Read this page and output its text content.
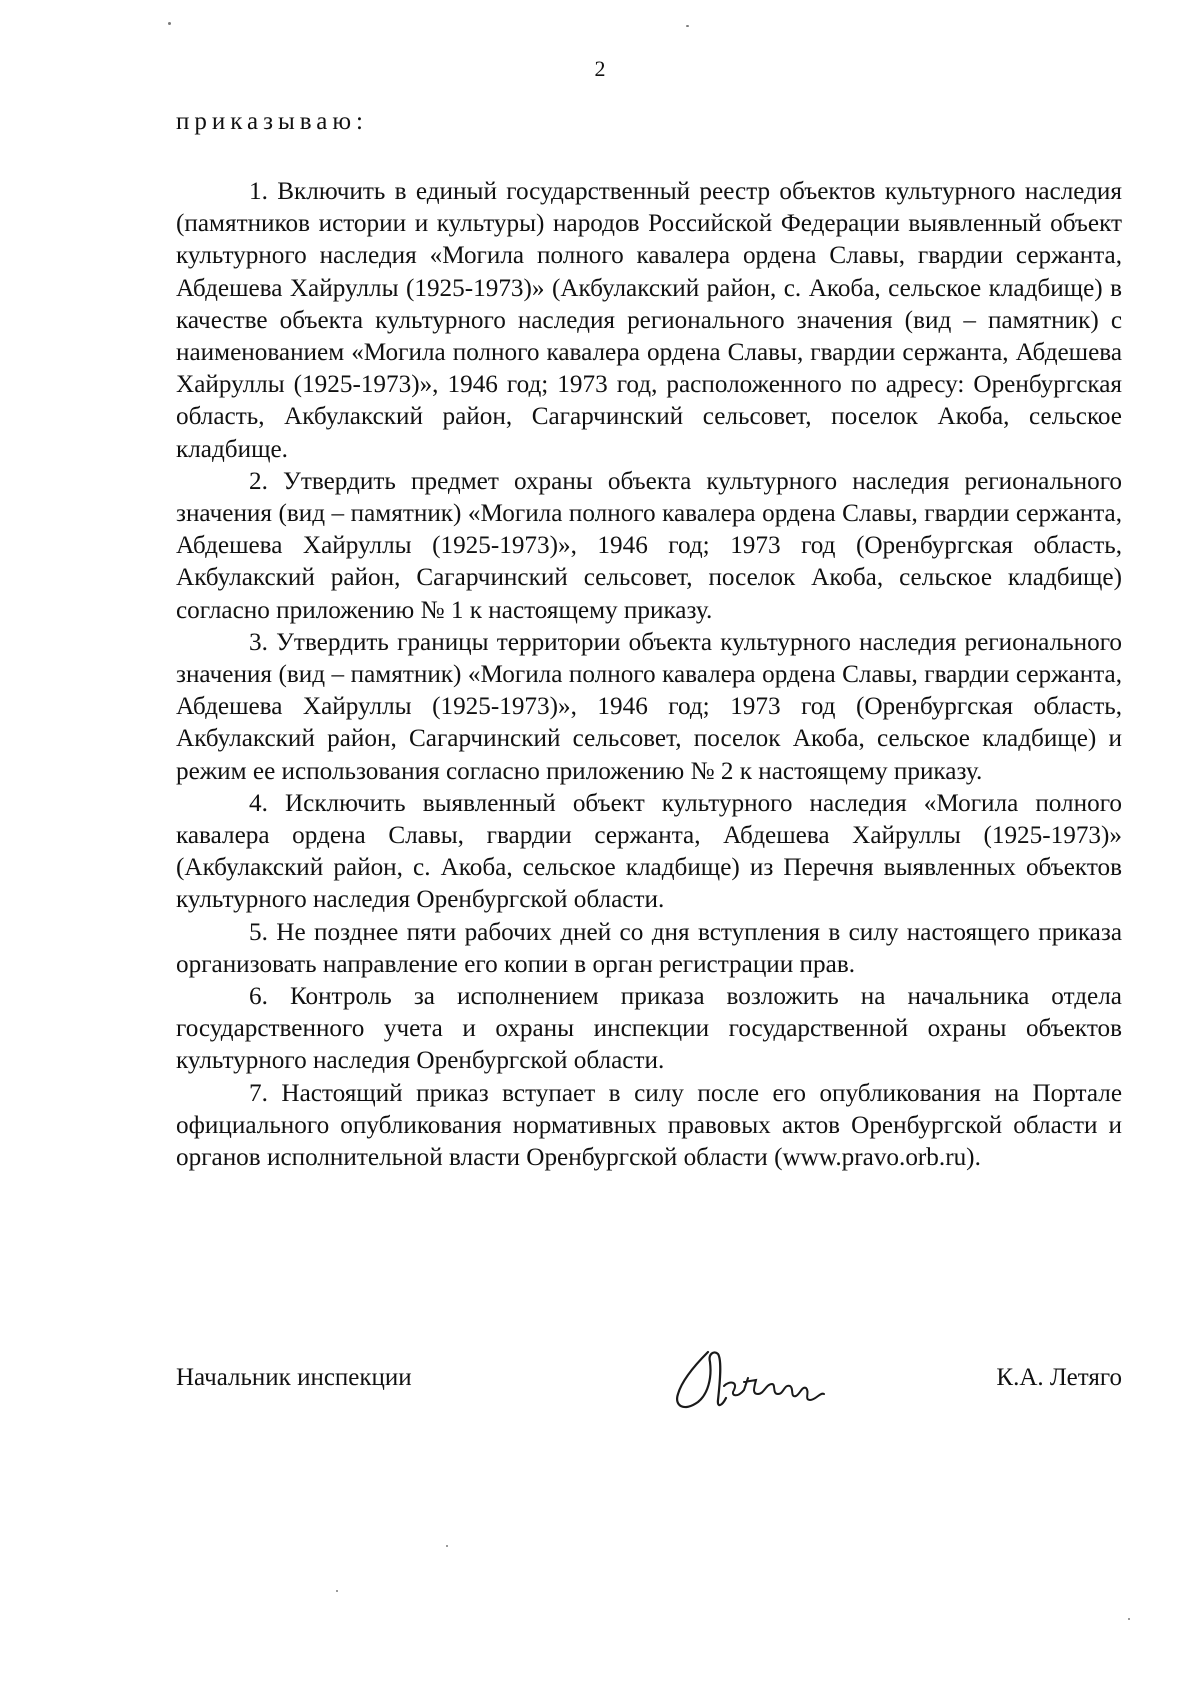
2
приказываю:

1. Включить в единый государственный реестр объектов культурного наследия (памятников истории и культуры) народов Российской Федерации выявленный объект культурного наследия «Могила полного кавалера ордена Славы, гвардии сержанта, Абдешева Хайруллы (1925-1973)» (Акбулакский район, с. Акоба, сельское кладбище) в качестве объекта культурного наследия регионального значения (вид – памятник) с наименованием «Могила полного кавалера ордена Славы, гвардии сержанта, Абдешева Хайруллы (1925-1973)», 1946 год; 1973 год, расположенного по адресу: Оренбургская область, Акбулакский район, Сагарчинский сельсовет, поселок Акоба, сельское кладбище.

2. Утвердить предмет охраны объекта культурного наследия регионального значения (вид – памятник) «Могила полного кавалера ордена Славы, гвардии сержанта, Абдешева Хайруллы (1925-1973)», 1946 год; 1973 год (Оренбургская область, Акбулакский район, Сагарчинский сельсовет, поселок Акоба, сельское кладбище) согласно приложению № 1 к настоящему приказу.

3. Утвердить границы территории объекта культурного наследия регионального значения (вид – памятник) «Могила полного кавалера ордена Славы, гвардии сержанта, Абдешева Хайруллы (1925-1973)», 1946 год; 1973 год (Оренбургская область, Акбулакский район, Сагарчинский сельсовет, поселок Акоба, сельское кладбище) и режим ее использования согласно приложению № 2 к настоящему приказу.

4. Исключить выявленный объект культурного наследия «Могила полного кавалера ордена Славы, гвардии сержанта, Абдешева Хайруллы (1925-1973)» (Акбулакский район, с. Акоба, сельское кладбище) из Перечня выявленных объектов культурного наследия Оренбургской области.

5. Не позднее пяти рабочих дней со дня вступления в силу настоящего приказа организовать направление его копии в орган регистрации прав.

6. Контроль за исполнением приказа возложить на начальника отдела государственного учета и охраны инспекции государственной охраны объектов культурного наследия Оренбургской области.

7. Настоящий приказ вступает в силу после его опубликования на Портале официального опубликования нормативных правовых актов Оренбургской области и органов исполнительной власти Оренбургской области (www.pravo.orb.ru).

Начальник инспекции	К.А. Летяго
